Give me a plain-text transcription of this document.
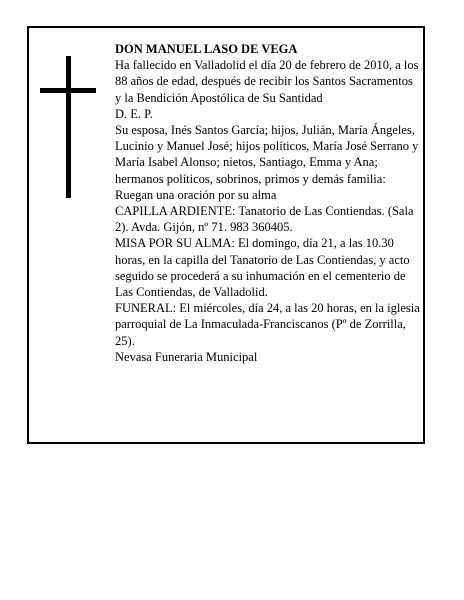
DON MANUEL LASO DE VEGA

Ha fallecido en Valladolid el día 20 de febrero de 2010, a los 88 años de edad, después de recibir los Santos Sacramentos y la Bendición Apostólica de Su Santidad

D. E. P.

Su esposa, Inés Santos García; hijos, Julián, María Ángeles, Lucinio y Manuel José; hijos políticos, María José Serrano y María Isabel Alonso; nietos, Santiago, Emma y Ana; hermanos políticos, sobrinos, primos y demás familia:

Ruegan una oración por su alma

CAPILLA ARDIENTE: Tanatorio de Las Contiendas. (Sala 2). Avda. Gijón, nº 71. 983 360405.

MISA POR SU ALMA: El domingo, día 21, a las 10.30 horas, en la capilla del Tanatorio de Las Contiendas, y acto seguido se procederá a su inhumación en el cementerio de Las Contiendas, de Valladolid.

FUNERAL: El miércoles, día 24, a las 20 horas, en la iglesia parroquial de La Inmaculada-Franciscanos (Pº de Zorrilla, 25).

Nevasa Funeraria Municipal
